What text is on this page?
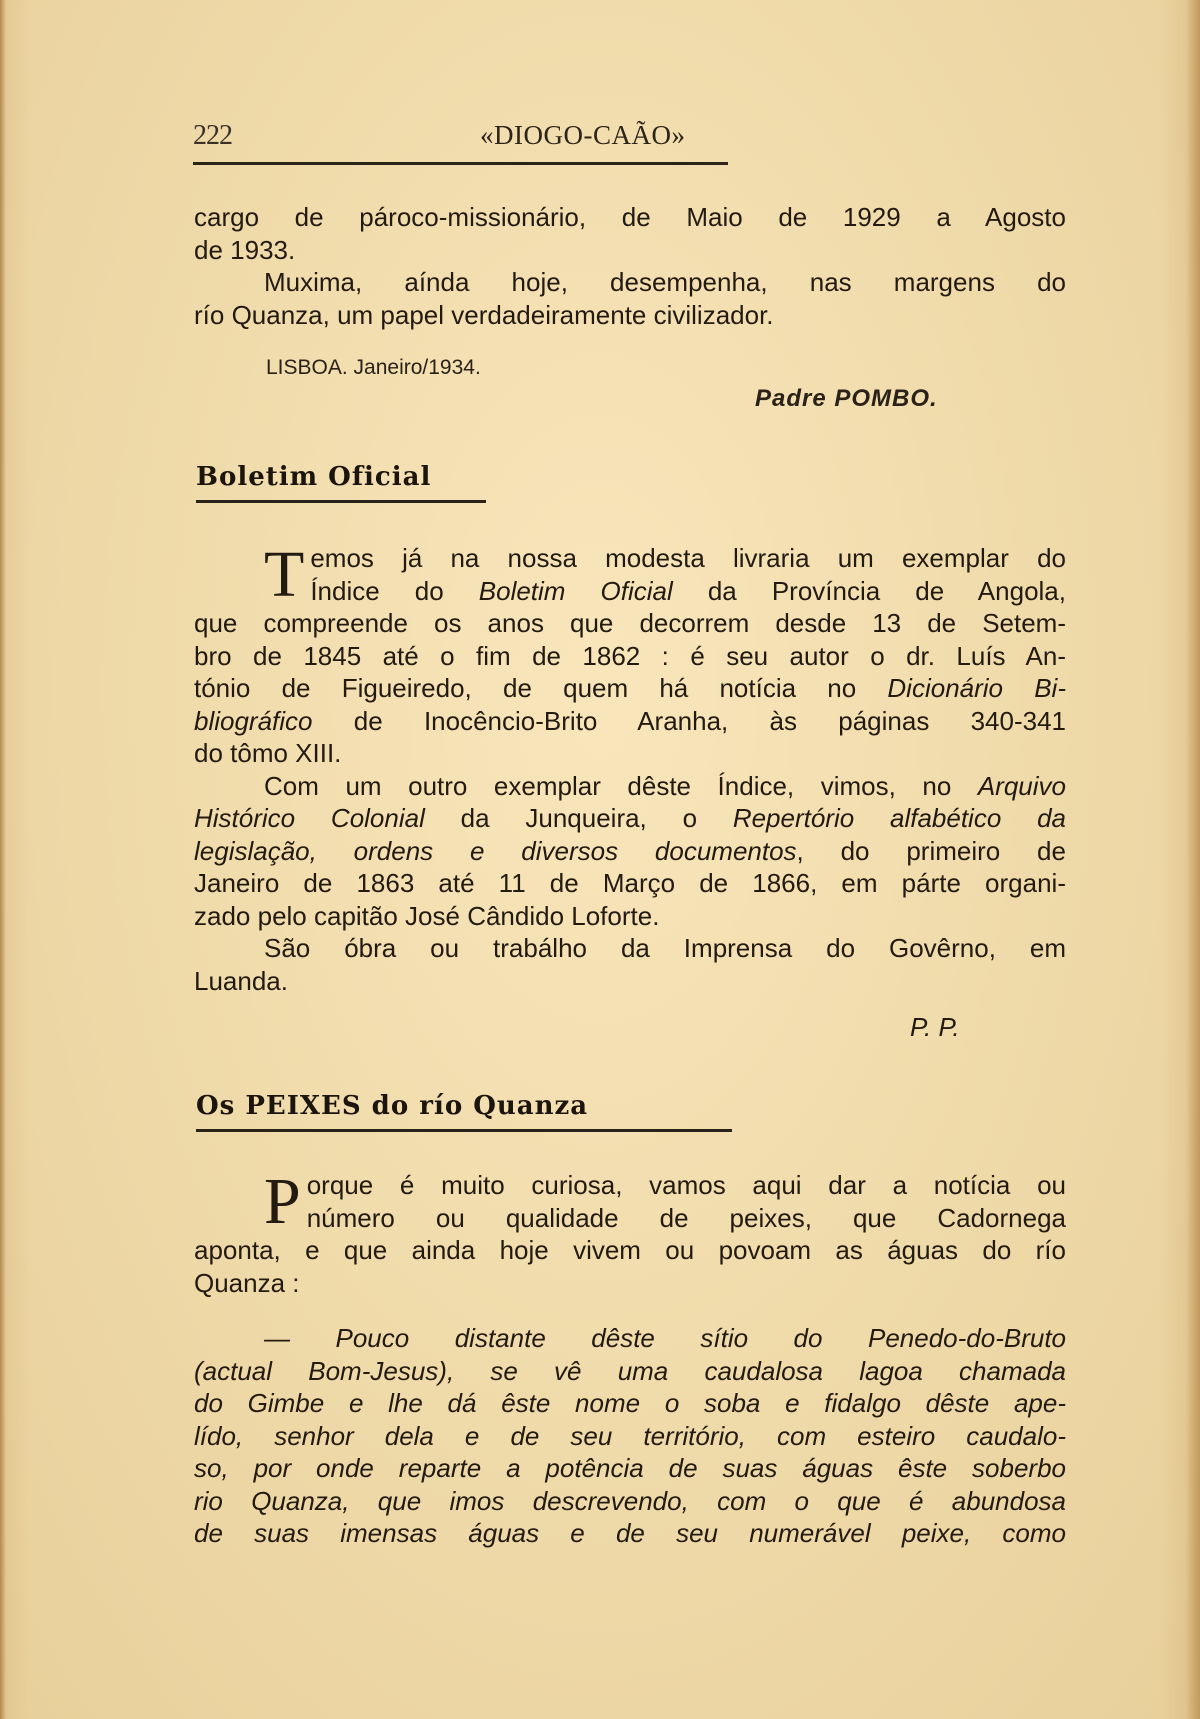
222	«DIOGO-CAÃO»
cargo de pároco-missionário, de Maio de 1929 a Agosto
de 1933.
Muxima, aínda hoje, desempenha, nas margens do
río Quanza, um papel verdadeiramente civilizador.
LISBOA. Janeiro/1934.
Padre POMBO.
Boletim Oficial
T emos já na nossa modesta livraria um exemplar do
Índice do Boletim Oficial da Província de Angola,
que compreende os anos que decorrem desde 13 de Setem-
bro de 1845 até o fim de 1862 : é seu autor o dr. Luís An-
tónio de Figueiredo, de quem há notícia no Dicionário Bi-
bliográfico de Inocêncio-Brito Aranha, às páginas 340-341
do tômo XIII.
Com um outro exemplar dêste Índice, vimos, no Arquivo
Histórico Colonial da Junqueira, o Repertório alfabético da
legislação, ordens e diversos documentos, do primeiro de
Janeiro de 1863 até 11 de Março de 1866, em párte organi-
zado pelo capitão José Cândido Loforte.
São óbra ou trabálho da Imprensa do Govêrno, em
Luanda.
P. P.
Os PEIXES do río Quanza
P orque é muito curiosa, vamos aqui dar a notícia ou
número ou qualidade de peixes, que Cadornega
aponta, e que ainda hoje vivem ou povoam as águas do río
Quanza :
— Pouco distante dêste sítio do Penedo-do-Bruto
(actual Bom-Jesus), se vê uma caudalosa lagoa chamada
do Gimbe e lhe dá êste nome o soba e fidalgo dêste ape-
lído, senhor dela e de seu território, com esteiro caudalo-
so, por onde reparte a potência de suas águas êste soberbo
rio Quanza, que imos descrevendo, com o que é abundosa
de suas imensas águas e de seu numerável peixe, como
